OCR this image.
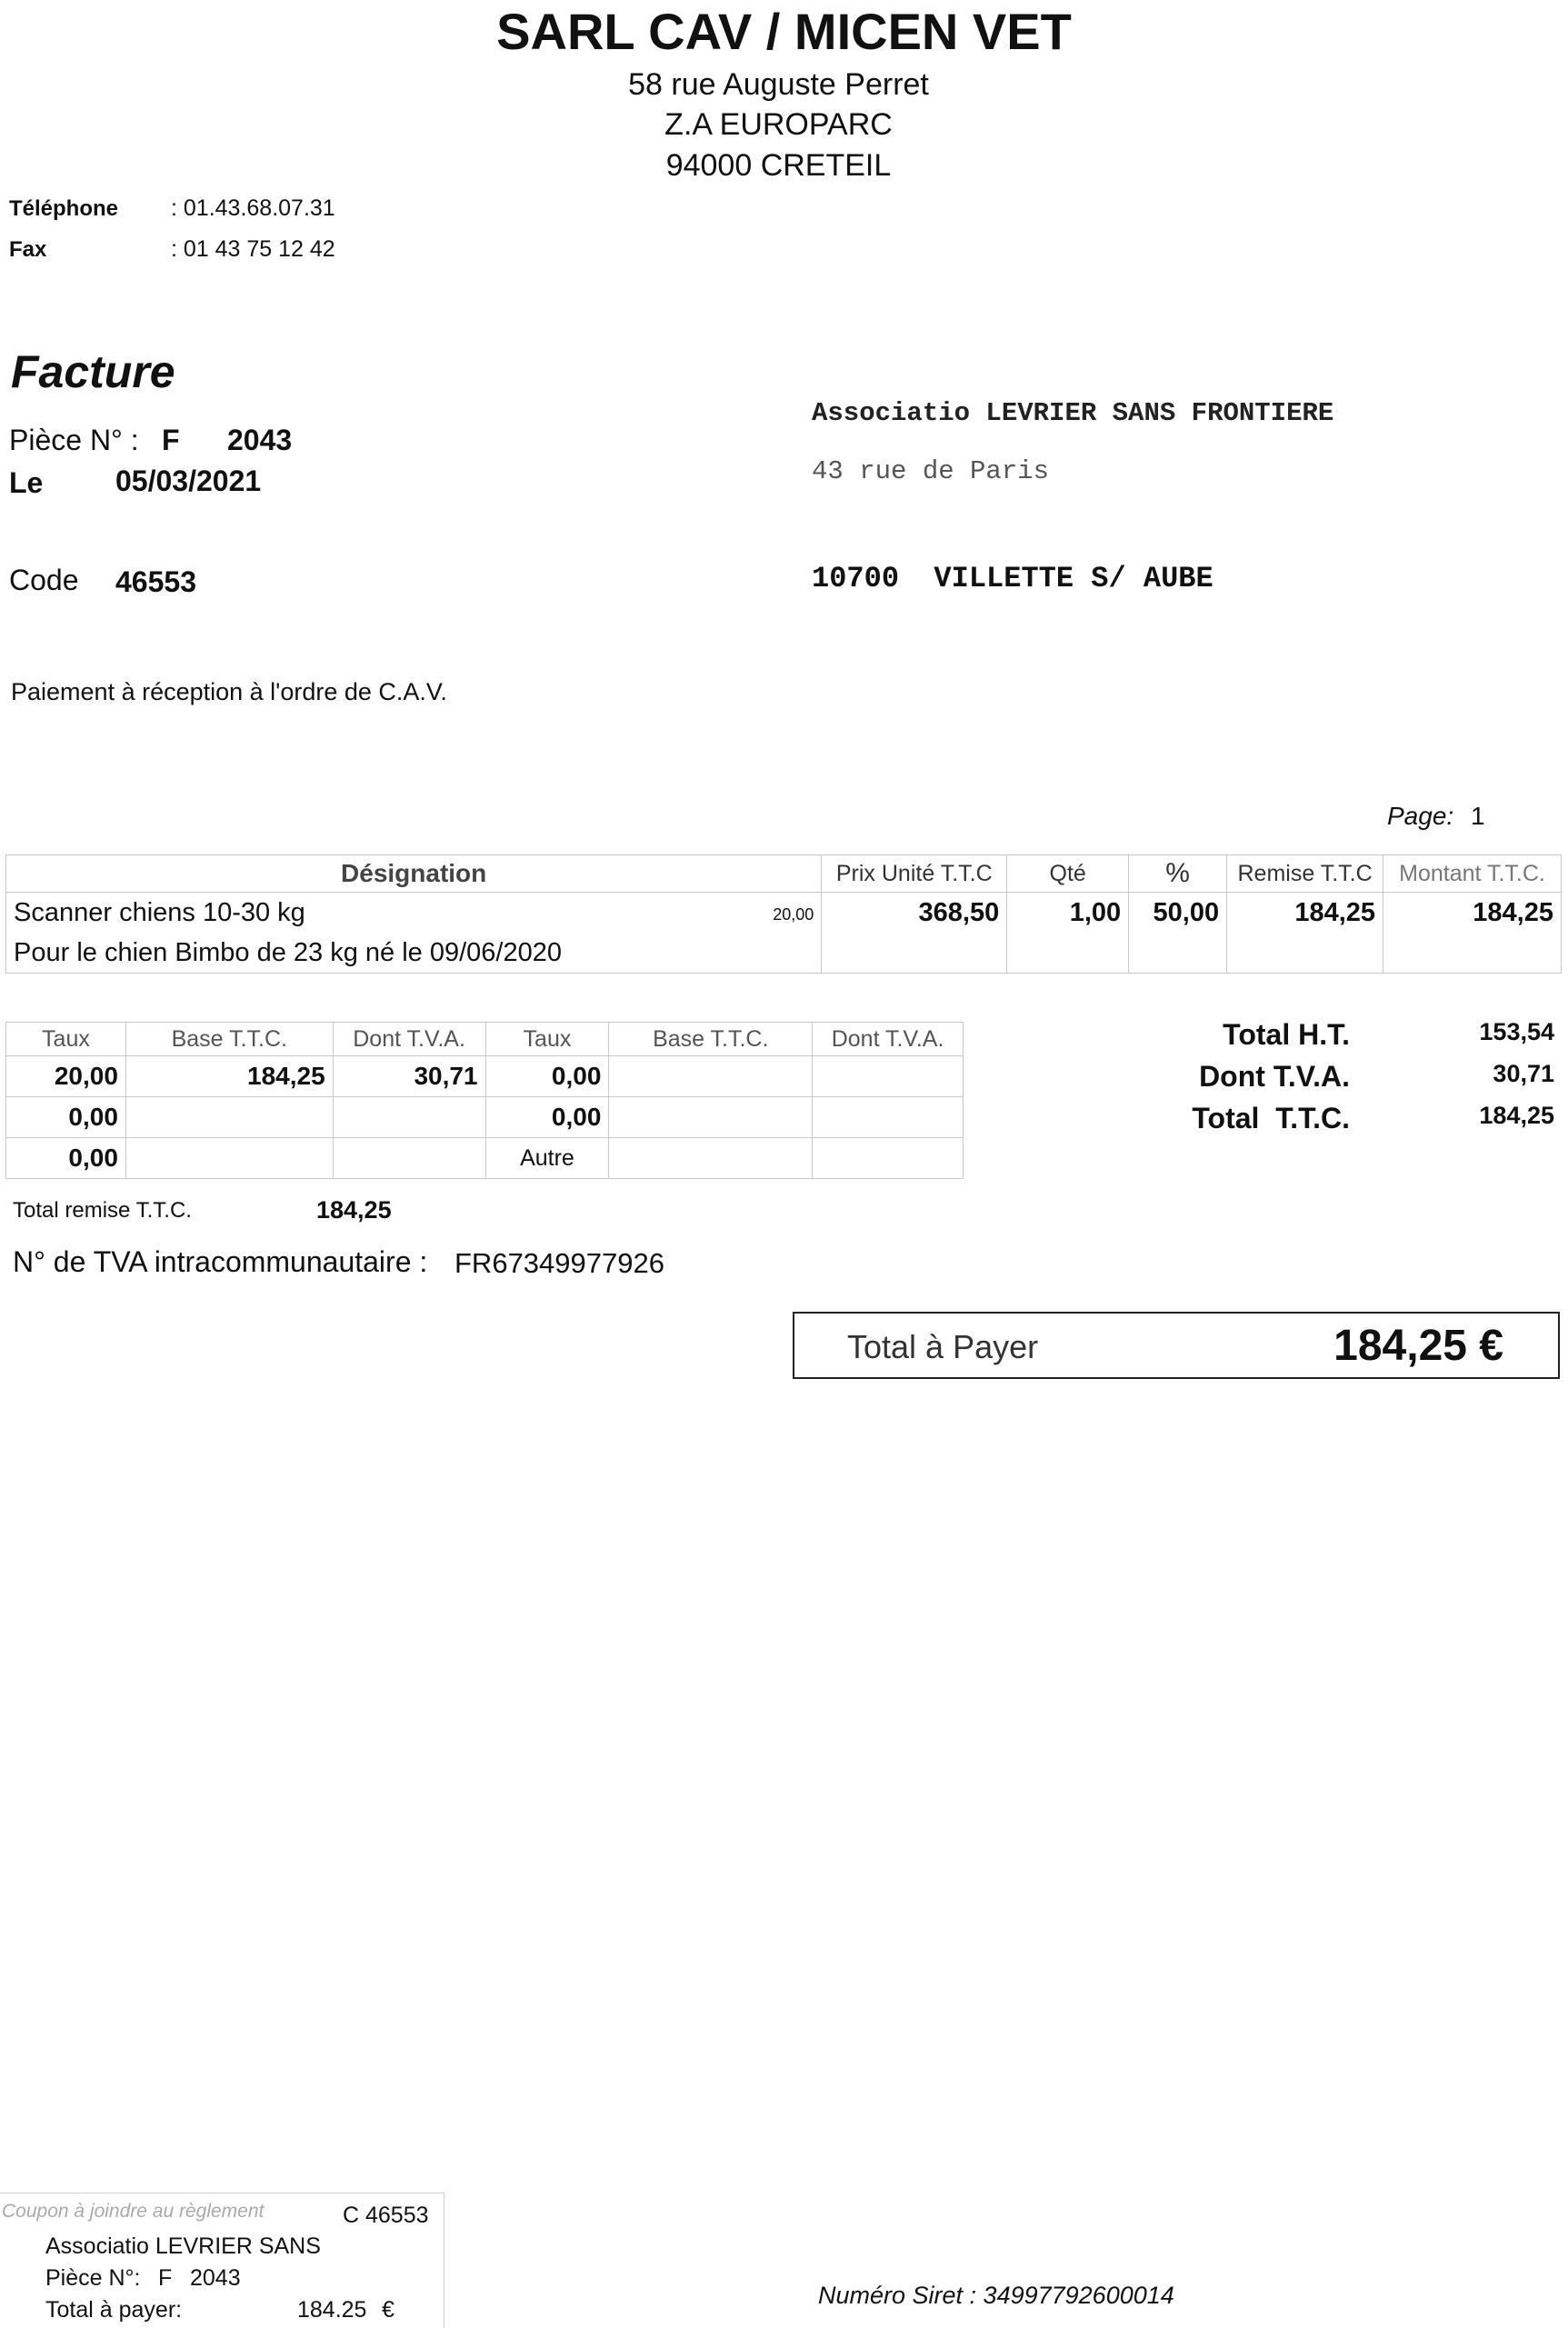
SARL CAV / MICEN VET
58 rue Auguste Perret
Z.A EUROPARC
94000 CRETEIL
Téléphone : 01.43.68.07.31
Fax	: 01 43 75 12 42
Facture
Pièce N° : F 2043
Le 05/03/2021
Code 46553
Associatio LEVRIER SANS FRONTIERE
43 rue de Paris
10700  VILLETTE S/ AUBE
Paiement à réception à l'ordre de C.A.V.
Page: 1
Désignation	Prix Unité T.T.C	Qté	%	Remise T.T.C	Montant T.T.C.
Scanner chiens 10-30 kg 20,00	368,50	1,00	50,00	184,25	184,25
Pour le chien Bimbo de 23 kg né le 09/06/2020					
Taux	Base T.T.C.	Dont T.V.A.	Taux	Base T.T.C.	Dont T.V.A.
20,00	184,25	30,71	0,00		
0,00			0,00		
0,00			Autre		
Total H.T.	153,54
Dont T.V.A.	30,71
Total  T.T.C.	184,25
Total remise T.T.C.	184,25
N° de TVA intracommunautaire : FR67349977926
Total à Payer	184,25 €
Coupon à joindre au règlement	C 46553
Associatio LEVRIER SANS
Pièce N°: F 2043
Total à payer:	184.25 €
Numéro Siret : 34997792600014
